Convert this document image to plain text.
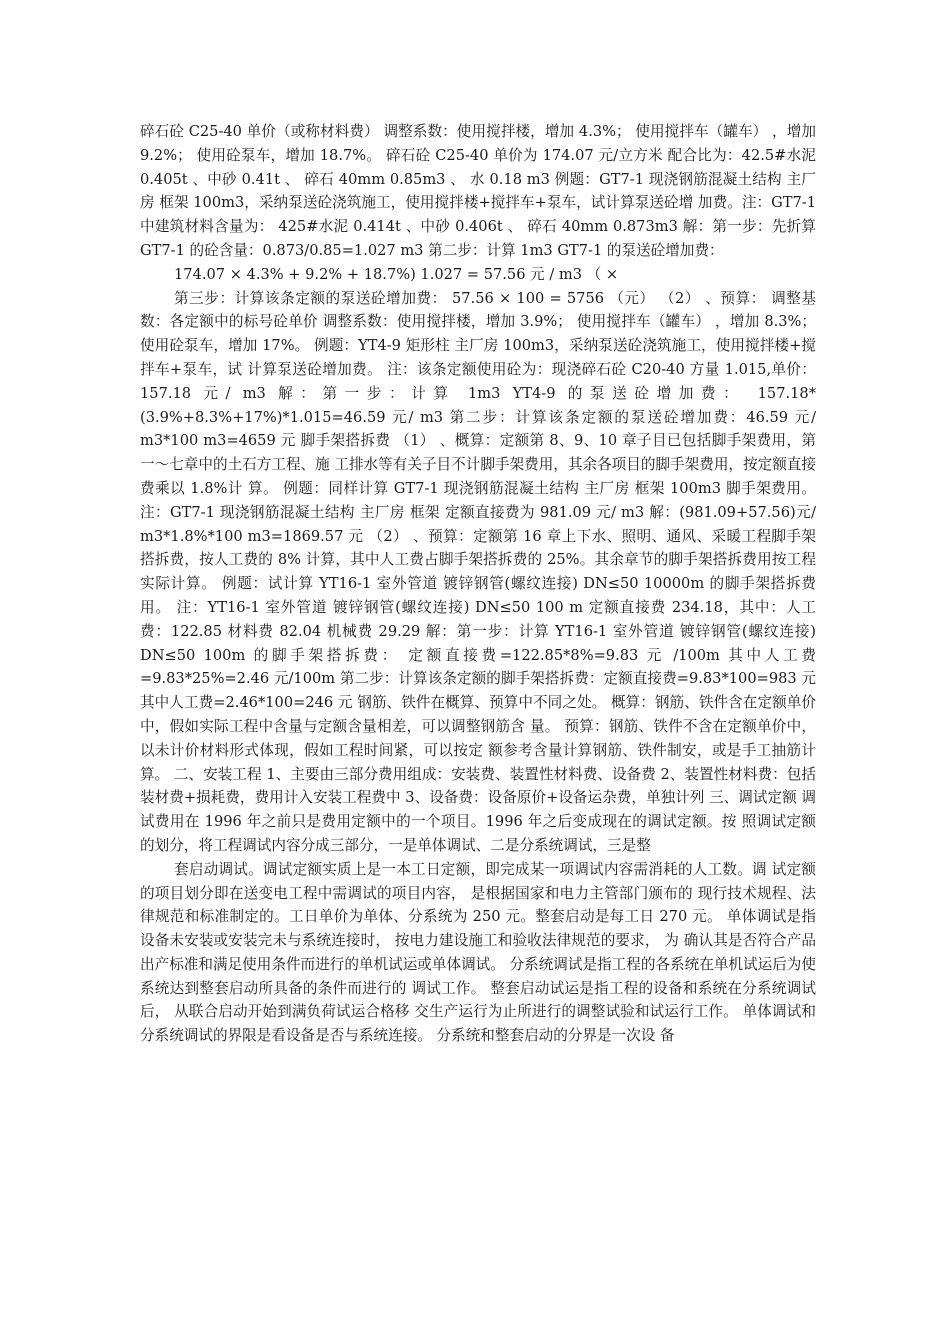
碎石砼 C25-40 单价（或称材料费） 调整系数：使用搅拌楼，增加 4.3%； 使用搅拌车（罐车） ，增加 9.2%； 使用砼泵车，增加 18.7%。 碎石砼 C25-40 单价为 174.07 元/立方米 配合比为：42.5#水泥 0.405t 、中砂 0.41t 、 碎石 40mm 0.85m3 、 水 0.18 m3 例题：GT7-1 现浇钢筋混凝土结构 主厂房 框架 100m3，采纳泵送砼浇筑施工，使用搅拌楼+搅拌车+泵车，试计算泵送砼增 加费。注：GT7-1 中建筑材料含量为： 425#水泥 0.414t 、中砂 0.406t 、 碎石 40mm 0.873m3 解：第一步：先折算 GT7-1 的砼含量：0.873/0.85=1.027 m3 第二步：计算 1m3 GT7-1 的泵送砼增加费：

174.07 × 4.3% + 9.2% + 18.7%) 1.027 = 57.56 元 / m3 （ ×

第三步：计算该条定额的泵送砼增加费： 57.56 × 100 = 5756 （元） （2） 、预算： 调整基数：各定额中的标号砼单价 调整系数：使用搅拌楼，增加 3.9%； 使用搅拌车（罐车） ，增加 8.3%； 使用砼泵车，增加 17%。 例题：YT4-9 矩形柱 主厂房 100m3，采纳泵送砼浇筑施工，使用搅拌楼+搅拌车+泵车，试 计算泵送砼增加费。 注：该条定额使用砼为：现浇碎石砼 C20-40 方量 1.015,单价：157.18 元/ m3 解：第一步：计算 1m3 YT4-9 的泵送砼增加费： 157.18*(3.9%+8.3%+17%)*1.015=46.59 元/ m3 第二步：计算该条定额的泵送砼增加费：46.59 元/ m3*100 m3=4659 元 脚手架搭拆费 （1） 、概算：定额第 8、9、10 章子目已包括脚手架费用，第一～七章中的土石方工程、施 工排水等有关子目不计脚手架费用，其余各项目的脚手架费用，按定额直接费乘以 1.8%计 算。 例题：同样计算 GT7-1 现浇钢筋混凝土结构 主厂房 框架 100m3 脚手架费用。 注：GT7-1 现浇钢筋混凝土结构 主厂房 框架 定额直接费为 981.09 元/ m3 解：(981.09+57.56)元/ m3*1.8%*100 m3=1869.57 元 （2） 、预算：定额第 16 章上下水、照明、通风、采暖工程脚手架搭拆费，按人工费的 8% 计算，其中人工费占脚手架搭拆费的 25%。其余章节的脚手架搭拆费用按工程实际计算。 例题：试计算 YT16-1 室外管道 镀锌钢管(螺纹连接) DN≤50 10000m 的脚手架搭拆费用。 注：YT16-1 室外管道 镀锌钢管(螺纹连接) DN≤50 100 m 定额直接费 234.18，其中：人工 费：122.85 材料费 82.04 机械费 29.29 解：第一步：计算 YT16-1 室外管道 镀锌钢管(螺纹连接) DN≤50 100m 的脚手架搭拆费： 定额直接费=122.85*8%=9.83 元 /100m 其中人工费=9.83*25%=2.46 元/100m 第二步：计算该条定额的脚手架搭拆费：定额直接费=9.83*100=983 元 其中人工费=2.46*100=246 元 钢筋、铁件在概算、预算中不同之处。 概算：钢筋、铁件含在定额单价中，假如实际工程中含量与定额含量相差，可以调整钢筋含 量。 预算：钢筋、铁件不含在定额单价中，以未计价材料形式体现，假如工程时间紧，可以按定 额参考含量计算钢筋、铁件制安，或是手工抽筋计算。 二、安装工程 1、主要由三部分费用组成：安装费、装置性材料费、设备费 2、装置性材料费：包括装材费+损耗费，费用计入安装工程费中 3、设备费：设备原价+设备运杂费，单独计列 三、调试定额 调试费用在 1996 年之前只是费用定额中的一个项目。1996 年之后变成现在的调试定额。按 照调试定额的划分，将工程调试内容分成三部分，一是单体调试、二是分系统调试，三是整

套启动调试。调试定额实质上是一本工日定额，即完成某一项调试内容需消耗的人工数。调 试定额的项目划分即在送变电工程中需调试的项目内容， 是根据国家和电力主管部门颁布的 现行技术规程、法律规范和标准制定的。工日单价为单体、分系统为 250 元。整套启动是每工日 270 元。 单体调试是指设备未安装或安装完未与系统连接时， 按电力建设施工和验收法律规范的要求， 为 确认其是否符合产品出产标准和满足使用条件而进行的单机试运或单体调试。 分系统调试是指工程的各系统在单机试运后为使系统达到整套启动所具备的条件而进行的 调试工作。 整套启动试运是指工程的设备和系统在分系统调试后， 从联合启动开始到满负荷试运合格移 交生产运行为止所进行的调整试验和试运行工作。 单体调试和分系统调试的界限是看设备是否与系统连接。 分系统和整套启动的分界是一次设 备
